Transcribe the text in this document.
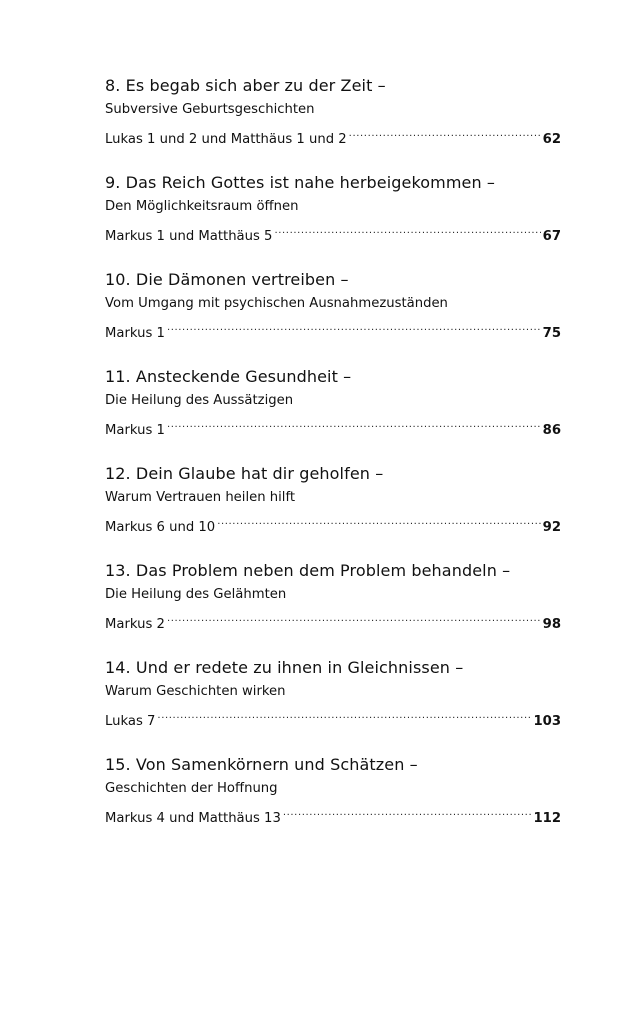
8. Es begab sich aber zu der Zeit –
Subversive Geburtsgeschichten
Lukas 1 und 2 und Matthäus 1 und 2 .....	62
9. Das Reich Gottes ist nahe herbeigekommen –
Den Möglichkeitsraum öffnen
Markus 1 und Matthäus 5 .....	67
10. Die Dämonen vertreiben –
Vom Umgang mit psychischen Ausnahmezuständen
Markus 1 .....	75
11. Ansteckende Gesundheit –
Die Heilung des Aussätzigen
Markus 1 .....	86
12. Dein Glaube hat dir geholfen –
Warum Vertrauen heilen hilft
Markus 6 und 10 .....	92
13. Das Problem neben dem Problem behandeln –
Die Heilung des Gelähmten
Markus 2 .....	98
14. Und er redete zu ihnen in Gleichnissen –
Warum Geschichten wirken
Lukas 7 .....	103
15. Von Samenkörnern und Schätzen –
Geschichten der Hoffnung
Markus 4 und Matthäus 13 .....	112
